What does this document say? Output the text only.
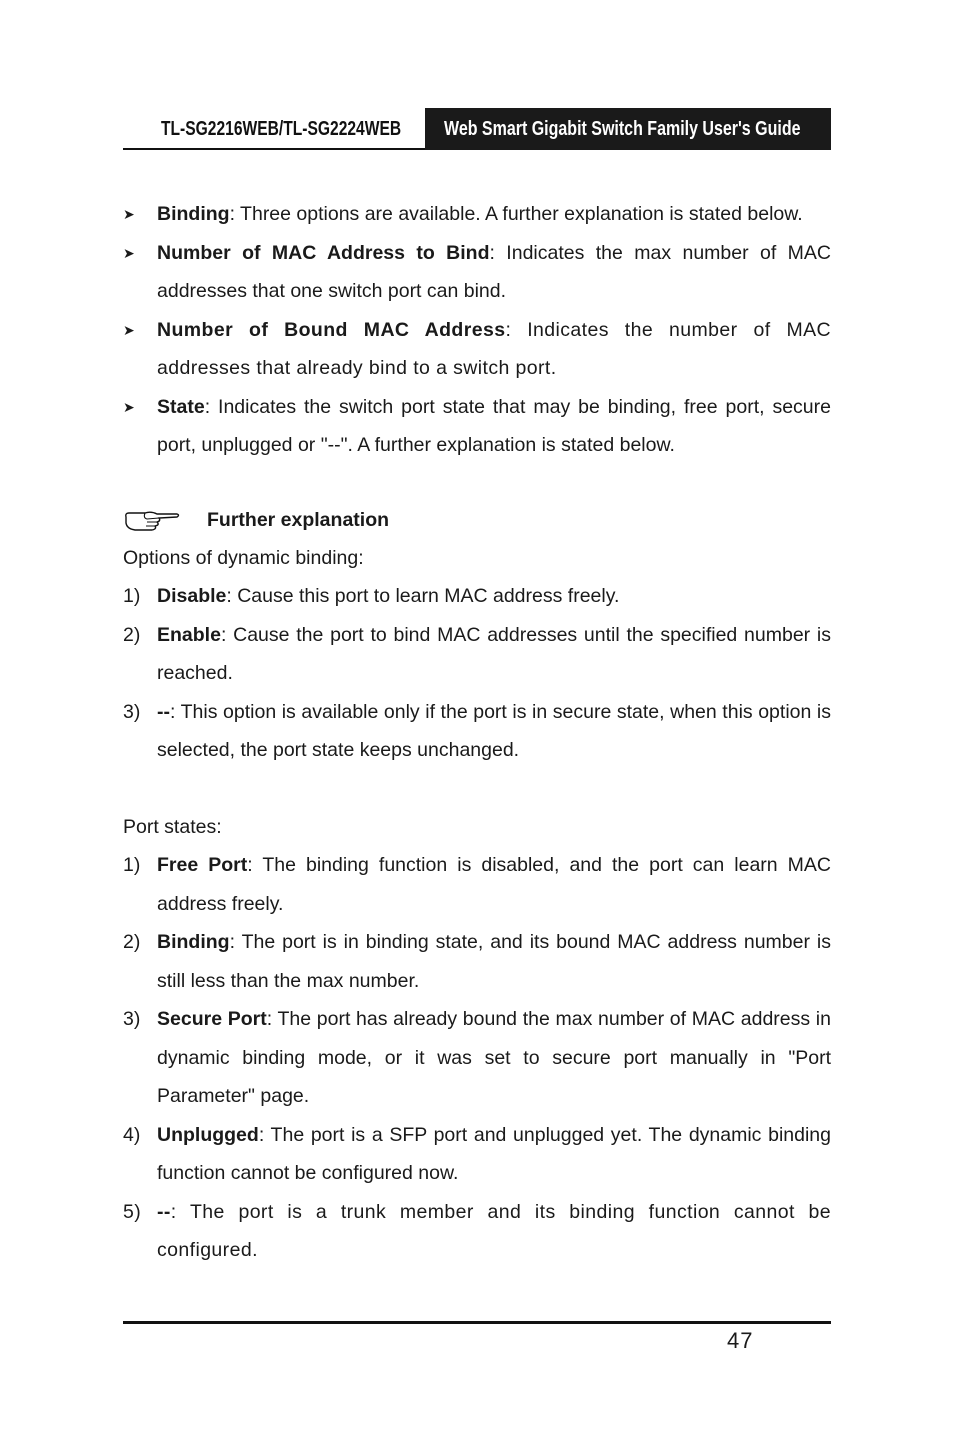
TL-SG2216WEB/TL-SG2224WEB Web Smart Gigabit Switch Family User's Guide
➤	Binding: Three options are available. A further explanation is stated below.
➤	Number of MAC Address to Bind: Indicates the max number of MAC addresses that one switch port can bind.
➤	Number of Bound MAC Address: Indicates the number of MAC addresses that already bind to a switch port.
➤	State: Indicates the switch port state that may be binding, free port, secure port, unplugged or "--". A further explanation is stated below.
Further explanation
Options of dynamic binding:
1) Disable: Cause this port to learn MAC address freely.
2) Enable: Cause the port to bind MAC addresses until the specified number is reached.
3) --: This option is available only if the port is in secure state, when this option is selected, the port state keeps unchanged.
Port states:
1) Free Port: The binding function is disabled, and the port can learn MAC address freely.
2) Binding: The port is in binding state, and its bound MAC address number is still less than the max number.
3) Secure Port: The port has already bound the max number of MAC address in dynamic binding mode, or it was set to secure port manually in "Port Parameter" page.
4) Unplugged: The port is a SFP port and unplugged yet. The dynamic binding function cannot be configured now.
5) --: The port is a trunk member and its binding function cannot be configured.
47
